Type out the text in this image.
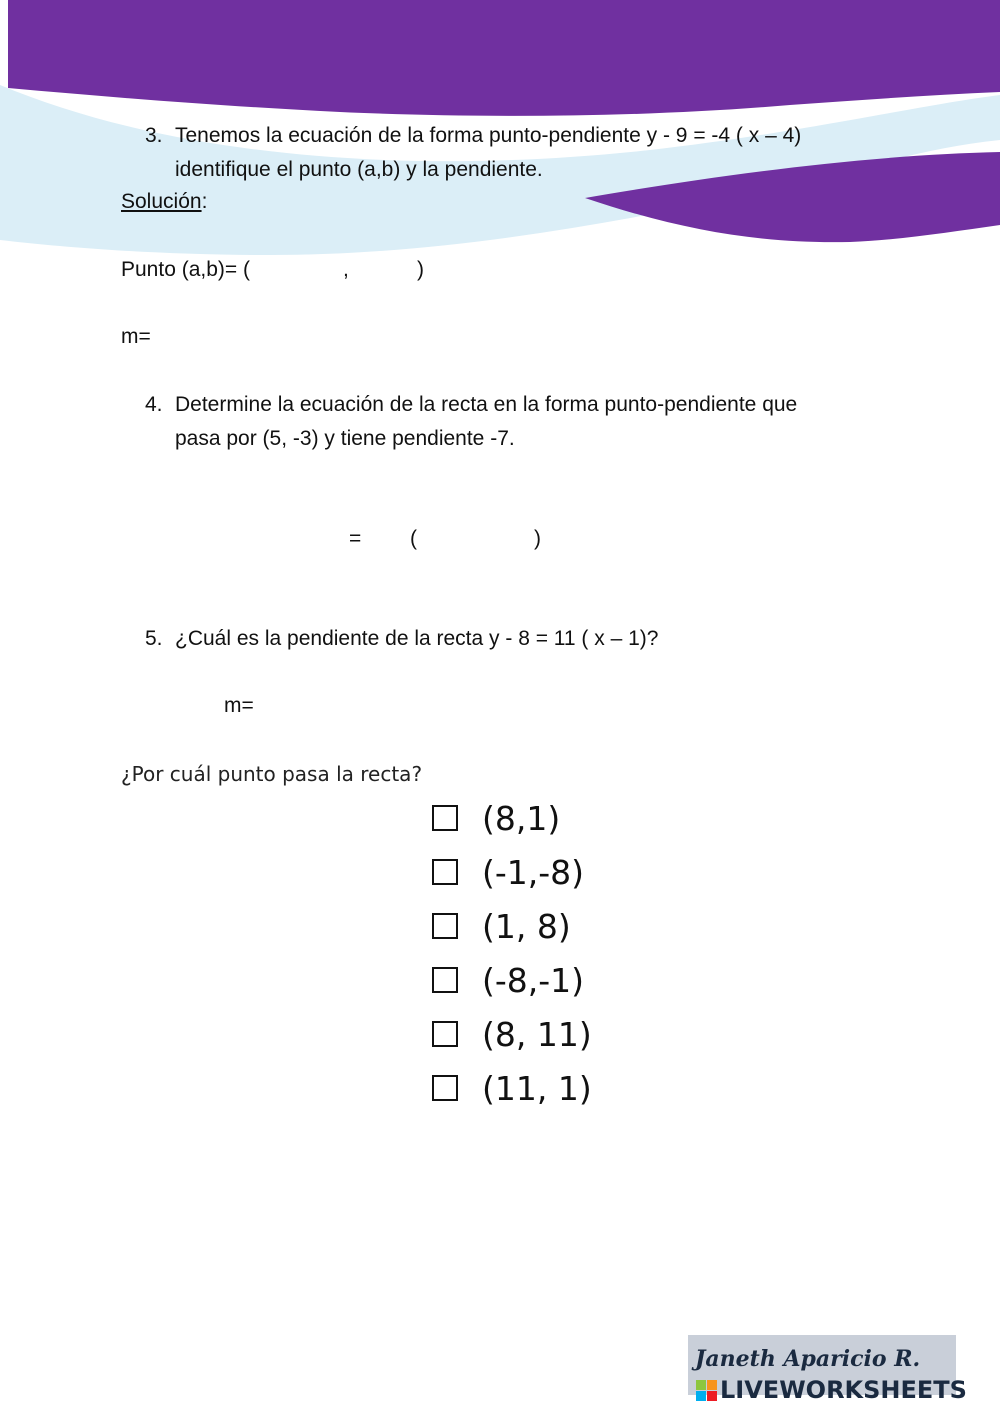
3. Tenemos la ecuación de la forma punto-pendiente y - 9 = -4 ( x – 4)
identifique el punto (a,b) y la pendiente.
Solución:
Punto (a,b)= (	,	)
m=
4. Determine la ecuación de la recta en la forma punto-pendiente que
pasa por (5, -3) y tiene pendiente -7.
= (	)
5. ¿Cuál es la pendiente de la recta y - 8 = 11 ( x – 1)?
m=
¿Por cuál punto pasa la recta?
(8,1)
(-1,-8)
(1, 8)
(-8,-1)
(8, 11)
(11, 1)
Janeth Aparicio R.
LIVEWORKSHEETS
